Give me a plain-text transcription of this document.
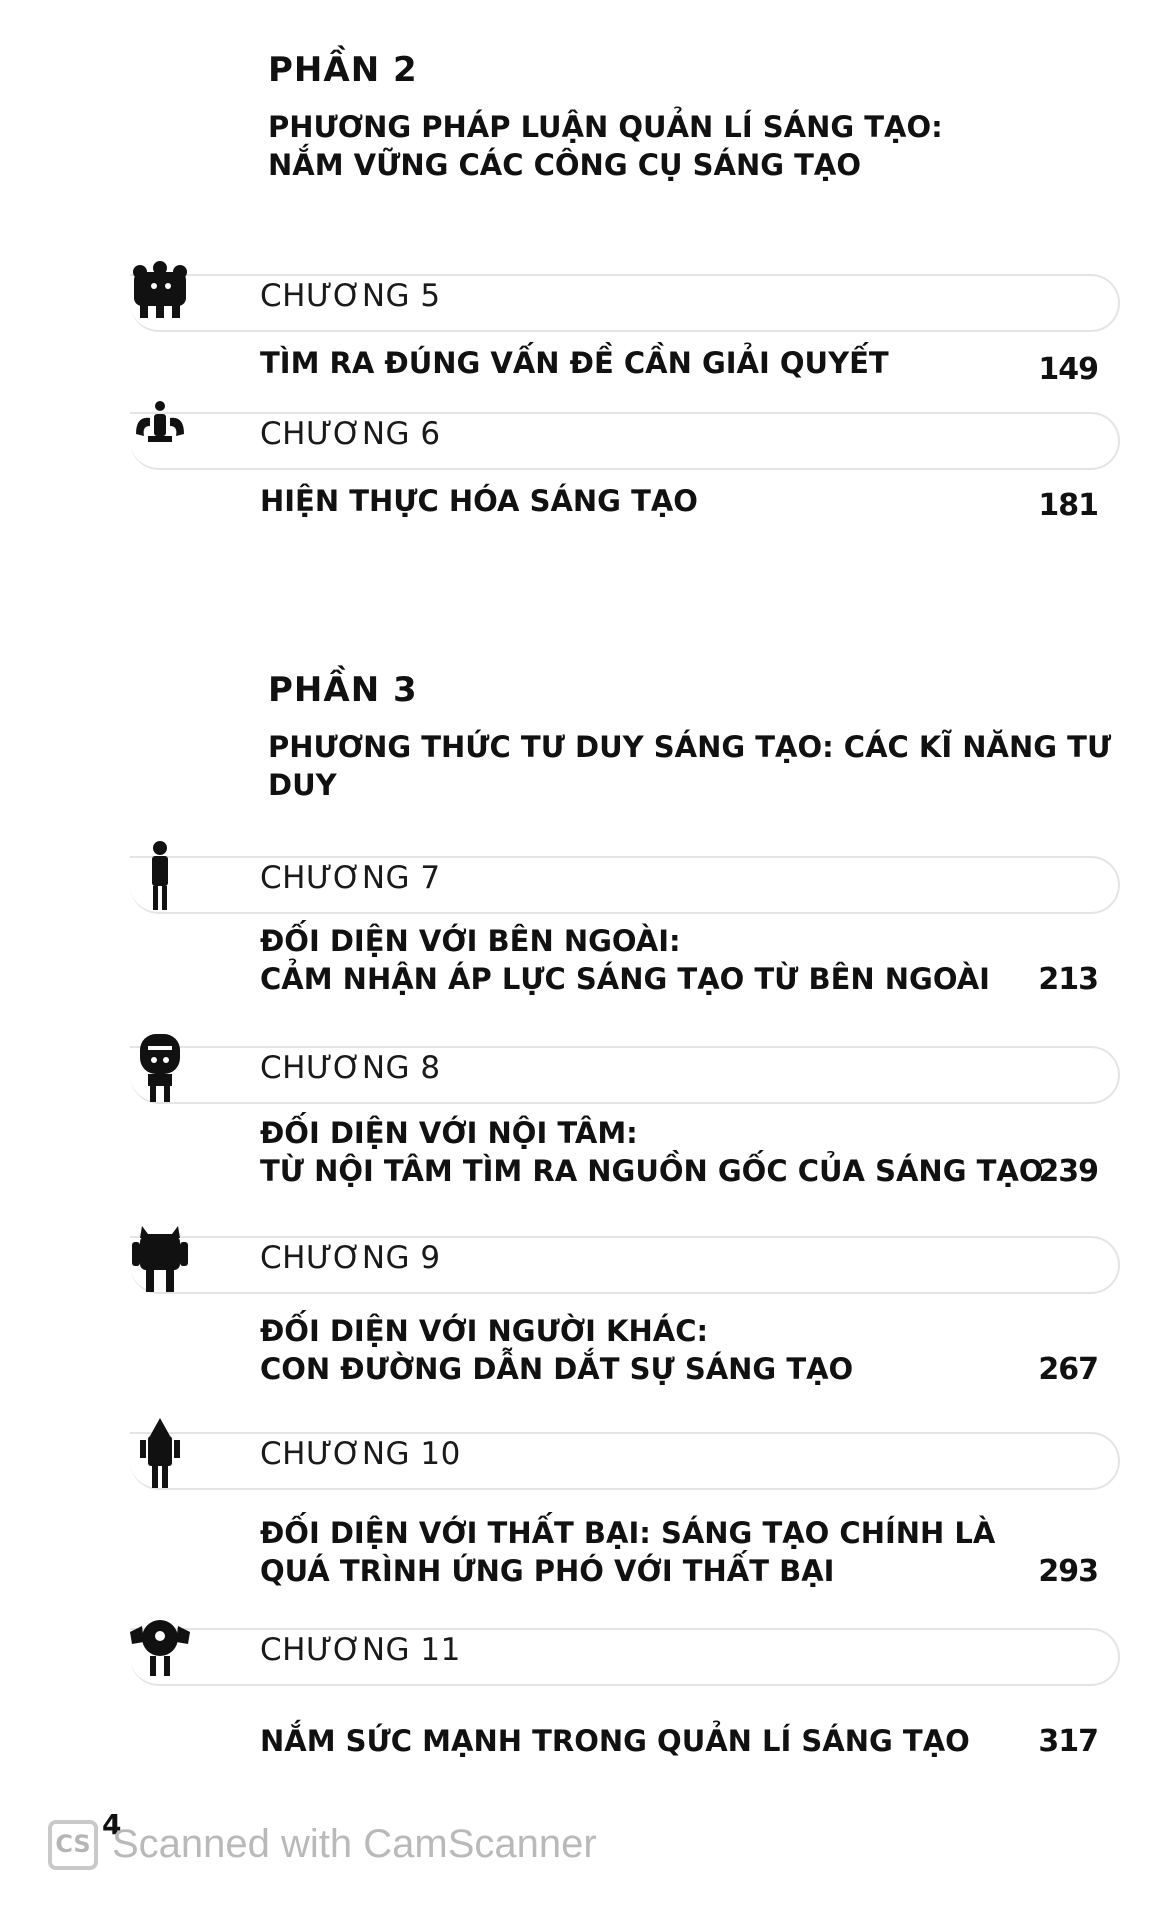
PHẦN 2
PHƯƠNG PHÁP LUẬN QUẢN LÍ SÁNG TẠO:
NẮM VỮNG CÁC CÔNG CỤ SÁNG TẠO
CHƯƠNG 5
TÌM RA ĐÚNG VẤN ĐỀ CẦN GIẢI QUYẾT	149
CHƯƠNG 6
HIỆN THỰC HÓA SÁNG TẠO	181
PHẦN 3
PHƯƠNG THỨC TƯ DUY SÁNG TẠO: CÁC KĨ NĂNG TƯ DUY
CHƯƠNG 7
ĐỐI DIỆN VỚI BÊN NGOÀI:
CẢM NHẬN ÁP LỰC SÁNG TẠO TỪ BÊN NGOÀI 213
CHƯƠNG 8
ĐỐI DIỆN VỚI NỘI TÂM:
TỪ NỘI TÂM TÌM RA NGUỒN GỐC CỦA SÁNG TẠO
239
CHƯƠNG 9
ĐỐI DIỆN VỚI NGƯỜI KHÁC:
CON ĐƯỜNG DẪN DẮT SỰ SÁNG TẠO	267
CHƯƠNG 10
ĐỐI DIỆN VỚI THẤT BẠI: SÁNG TẠO CHÍNH LÀ
QUÁ TRÌNH ỨNG PHÓ VỚI THẤT BẠI	293
CHƯƠNG 11
NẮM SỨC MẠNH TRONG QUẢN LÍ SÁNG TẠO 317
4
CS Scanned with CamScanner
